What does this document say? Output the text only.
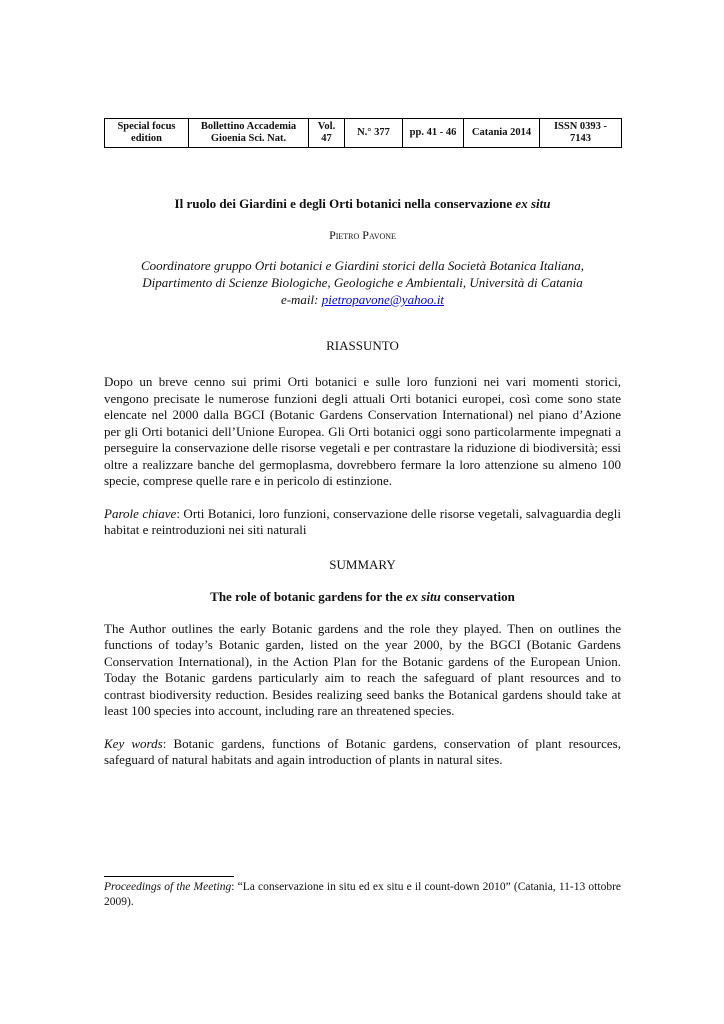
Special focus edition	Bollettino Accademia Gioenia Sci. Nat.	Vol. 47	N.° 377	pp. 41 - 46	Catania 2014	ISSN 0393 - 7143
Il ruolo dei Giardini e degli Orti botanici nella conservazione ex situ
Pietro Pavone
Coordinatore gruppo Orti botanici e Giardini storici della Società Botanica Italiana,
Dipartimento di Scienze Biologiche, Geologiche e Ambientali, Università di Catania
e-mail: pietropavone@yahoo.it
RIASSUNTO

Dopo un breve cenno sui primi Orti botanici e sulle loro funzioni nei vari momenti storici, vengono precisate le numerose funzioni degli attuali Orti botanici europei, così come sono state elencate nel 2000 dalla BGCI (Botanic Gardens Conservation International) nel piano d’Azione per gli Orti botanici dell’Unione Europea. Gli Orti botanici oggi sono particolarmente impegnati a perseguire la conservazione delle risorse vegetali e per contrastare la riduzione di biodiversità; essi oltre a realizzare banche del germoplasma, dovrebbero fermare la loro attenzione su almeno 100 specie, comprese quelle rare e in pericolo di estinzione.

Parole chiave: Orti Botanici, loro funzioni, conservazione delle risorse vegetali, salvaguardia degli habitat e reintroduzioni nei siti naturali

SUMMARY
The role of botanic gardens for the ex situ conservation

The Author outlines the early Botanic gardens and the role they played. Then on outlines the functions of today’s Botanic garden, listed on the year 2000, by the BGCI (Botanic Gardens Conservation International), in the Action Plan for the Botanic gardens of the European Union. Today the Botanic gardens particularly aim to reach the safeguard of plant resources and to contrast biodiversity reduction. Besides realizing seed banks the Botanical gardens should take at least 100 species into account, including rare an threatened species.

Key words: Botanic gardens, functions of Botanic gardens, conservation of plant resources, safeguard of natural habitats and again introduction of plants in natural sites.

Proceedings of the Meeting: “La conservazione in situ ed ex situ e il count-down 2010” (Catania, 11-13 ottobre 2009).
